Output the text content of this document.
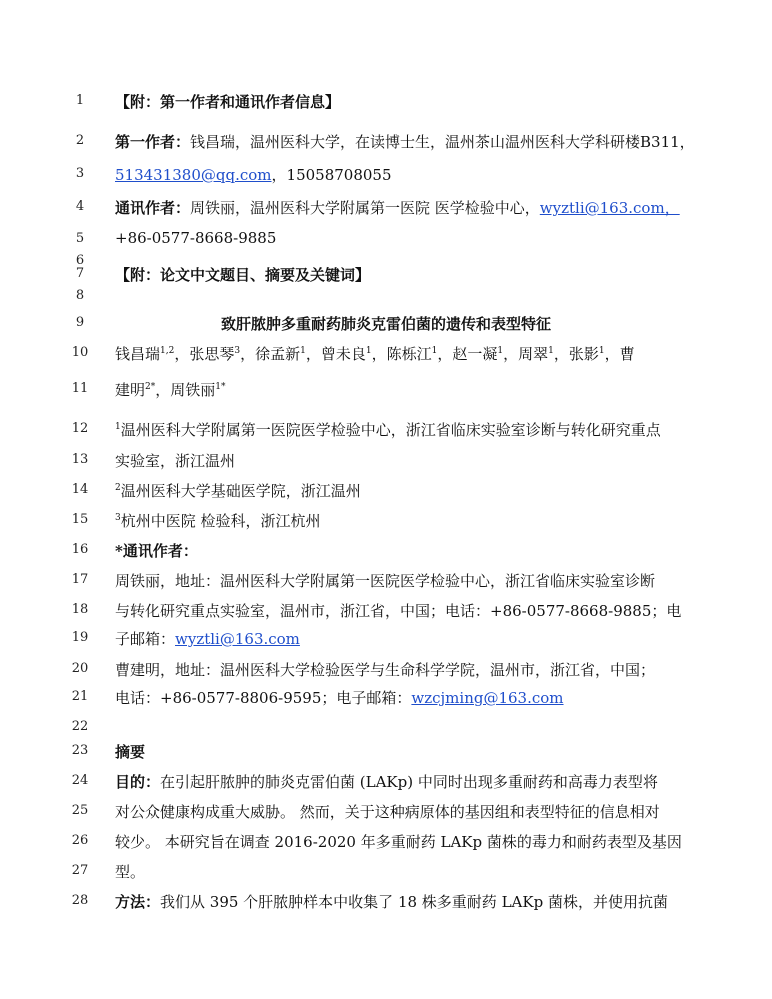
1	【附：第一作者和通讯作者信息】
2	第一作者：钱昌瑞，温州医科大学，在读博士生，温州茶山温州医科大学科研楼B311，
3	513431380@qq.com，15058708055
4	通讯作者：周铁丽，温州医科大学附属第一医院 医学检验中心，wyztli@163.com，
5	+86-0577-8668-9885
6
7	【附：论文中文题目、摘要及关键词】
8
9	致肝脓肿多重耐药肺炎克雷伯菌的遗传和表型特征
10	钱昌瑞$^{1,2}$，张思琴$^3$，徐孟新$^1$，曾未良$^1$，陈栎江$^1$，赵一凝$^1$，周翠$^1$，张影$^1$，曹
11	建明$^{2*}$，周铁丽$^{1*}$
12	$^1$温州医科大学附属第一医院医学检验中心，浙江省临床实验室诊断与转化研究重点
13	实验室，浙江温州
14	$^2$温州医科大学基础医学院，浙江温州
15	$^3$杭州中医院 检验科，浙江杭州
16	*通讯作者：
17	周铁丽，地址：温州医科大学附属第一医院医学检验中心，浙江省临床实验室诊断
18	与转化研究重点实验室，温州市，浙江省，中国；电话：+86-0577-8668-9885；电
19	子邮箱：wyztli@163.com
20	曹建明，地址：温州医科大学检验医学与生命科学学院，温州市，浙江省，中国；
21	电话：+86-0577-8806-9595；电子邮箱：wzcjming@163.com
22
23	摘要
24	目的：在引起肝脓肿的肺炎克雷伯菌 (LAKp) 中同时出现多重耐药和高毒力表型将
25	对公众健康构成重大威胁。 然而，关于这种病原体的基因组和表型特征的信息相对
26	较少。 本研究旨在调查 2016-2020 年多重耐药 LAKp 菌株的毒力和耐药表型及基因
27	型。
28	方法：我们从 395 个肝脓肿样本中收集了 18 株多重耐药 LAKp 菌株，并使用抗菌
